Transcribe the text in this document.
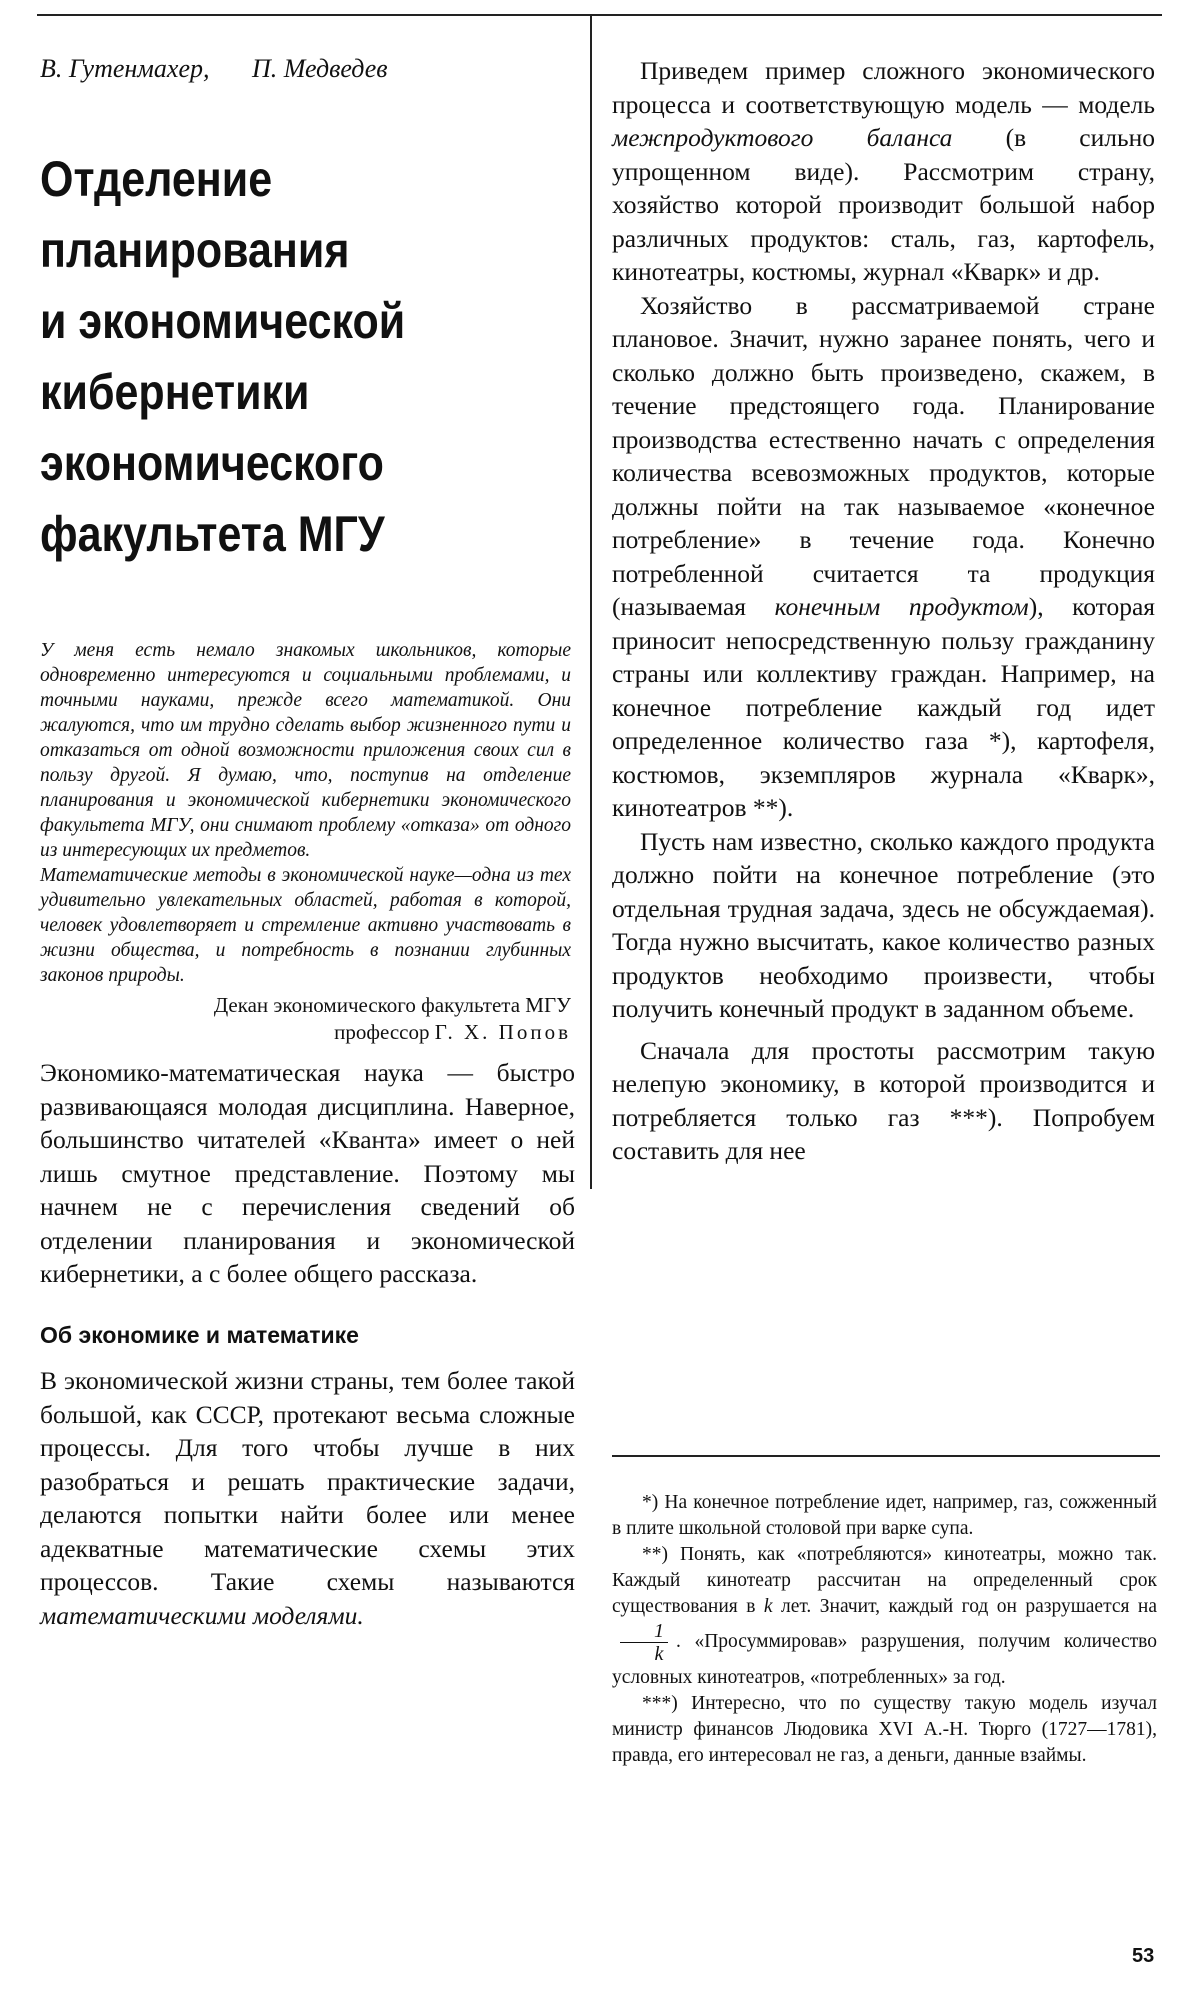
В. Гутенмахер, П. Медведев
Отделение
планирования
и экономической
кибернетики
экономического
факультета МГУ

У меня есть немало знакомых школьников, которые одновременно интересуются и социальными проблемами, и точными науками, прежде всего математикой. Они жалуются, что им трудно сделать выбор жизненного пути и отказаться от одной возможности приложения своих сил в пользу другой. Я думаю, что, поступив на отделение планирования и экономической кибернетики экономического факультета МГУ, они снимают проблему «отказа» от одного из интересующих их предметов.

Математические методы в экономической науке—одна из тех удивительно увлекательных областей, работая в которой, человек удовлетворяет и стремление активно участвовать в жизни общества, и потребность в познании глубинных законов природы.

Декан экономического факультета МГУ
профессор Г. Х. Попов

Экономико-математическая наука — быстро развивающаяся молодая дисциплина. Наверное, большинство читателей «Кванта» имеет о ней лишь смутное представление. Поэтому мы начнем не с перечисления сведений об отделении планирования и экономической кибернетики, а с более общего рассказа.

Об экономике и математике

В экономической жизни страны, тем более такой большой, как СССР, протекают весьма сложные процессы. Для того чтобы лучше в них разобраться и решать практические задачи, делаются попытки найти более или менее адекватные математические схемы этих процессов. Такие схемы называются математическими моделями.

Приведем пример сложного экономического процесса и соответствующую модель — модель межпродуктового баланса (в сильно упрощенном виде). Рассмотрим страну, хозяйство которой производит большой набор различных продуктов: сталь, газ, картофель, кинотеатры, костюмы, журнал «Кварк» и др.

Хозяйство в рассматриваемой стране плановое. Значит, нужно заранее понять, чего и сколько должно быть произведено, скажем, в течение предстоящего года. Планирование производства естественно начать с определения количества всевозможных продуктов, которые должны пойти на так называемое «конечное потребление» в течение года. Конечно потребленной считается та продукция (называемая конечным продуктом), которая приносит непосредственную пользу гражданину страны или коллективу граждан. Например, на конечное потребление каждый год идет определенное количество газа *), картофеля, костюмов, экземпляров журнала «Кварк», кинотеатров **).

Пусть нам известно, сколько каждого продукта должно пойти на конечное потребление (это отдельная трудная задача, здесь не обсуждаемая). Тогда нужно высчитать, какое количество разных продуктов необходимо произвести, чтобы получить конечный продукт в заданном объеме.

Сначала для простоты рассмотрим такую нелепую экономику, в которой производится и потребляется только газ ***). Попробуем составить для нее

*) На конечное потребление идет, например, газ, сожженный в плите школьной столовой при варке супа.

**) Понять, как «потребляются» кинотеатры, можно так. Каждый кинотеатр рассчитан на определенный срок существования в k лет. Значит, каждый год он разрушается на
$\frac{1}{k}$ . «Просуммировав» разрушения, получим количество условных кинотеатров, «потребленных» за год.

***) Интересно, что по существу такую модель изучал министр финансов Людовика XVI А.-Н. Тюрго (1727—1781), правда, его интересовал не газ, а деньги, данные взаймы.

53
